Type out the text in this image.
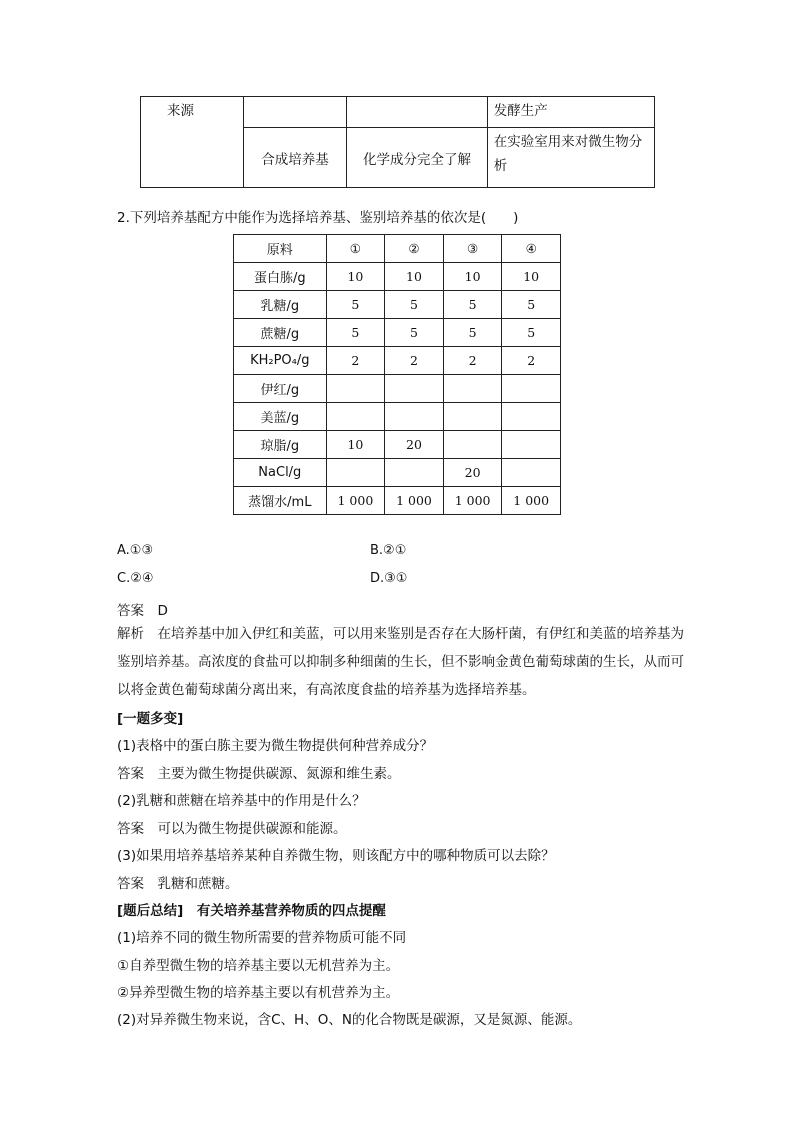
来源			发酵生产
	合成培养基	化学成分完全了解	在实验室用来对微生物分析
2.下列培养基配方中能作为选择培养基、鉴别培养基的依次是(　　)
原料	①	②	③	④
蛋白胨/g	10	10	10	10
乳糖/g	5	5	5	5
蔗糖/g	5	5	5	5
KH₂PO₄/g	2	2	2	2
伊红/g				
美蓝/g				
琼脂/g	10	20		
NaCl/g			20	
蒸馏水/mL	1 000	1 000	1 000	1 000
A.①③	B.②①
C.②④	D.③①
答案　D
解析　在培养基中加入伊红和美蓝，可以用来鉴别是否存在大肠杆菌，有伊红和美蓝的培养基为鉴别培养基。高浓度的食盐可以抑制多种细菌的生长，但不影响金黄色葡萄球菌的生长，从而可以将金黄色葡萄球菌分离出来，有高浓度食盐的培养基为选择培养基。
[一题多变]
(1)表格中的蛋白胨主要为微生物提供何种营养成分？
答案　主要为微生物提供碳源、氮源和维生素。
(2)乳糖和蔗糖在培养基中的作用是什么？
答案　可以为微生物提供碳源和能源。
(3)如果用培养基培养某种自养微生物，则该配方中的哪种物质可以去除？
答案　乳糖和蔗糖。
[题后总结]　有关培养基营养物质的四点提醒
(1)培养不同的微生物所需要的营养物质可能不同
①自养型微生物的培养基主要以无机营养为主。
②异养型微生物的培养基主要以有机营养为主。
(2)对异养微生物来说，含C、H、O、N的化合物既是碳源，又是氮源、能源。
